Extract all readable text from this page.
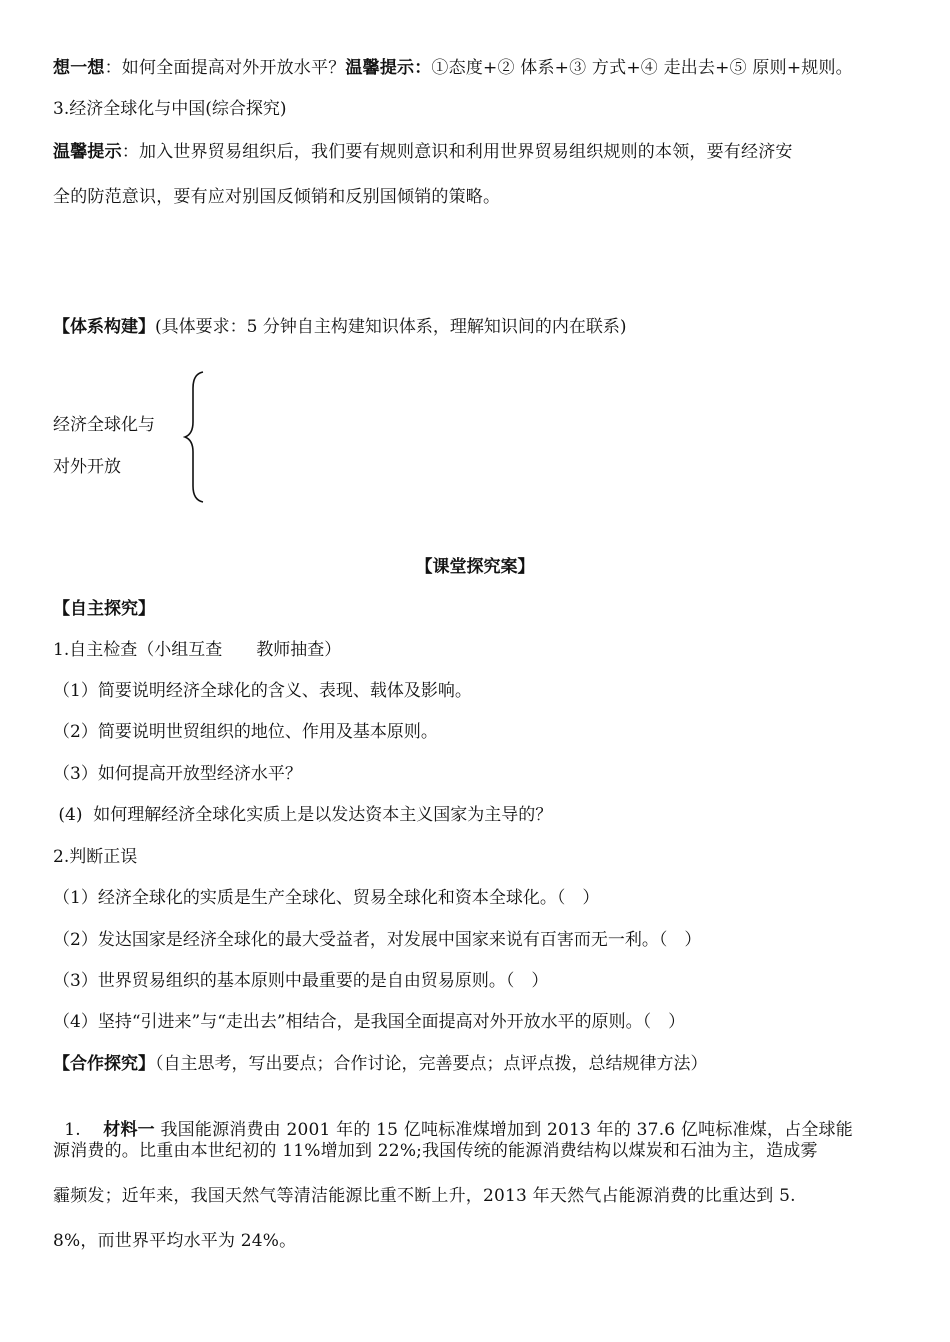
想一想：如何全面提高对外开放水平？温馨提示：①态度+② 体系+③ 方式+④ 走出去+⑤ 原则+规则。
3.经济全球化与中国(综合探究)
温馨提示：加入世界贸易组织后，我们要有规则意识和利用世界贸易组织规则的本领，要有经济安
全的防范意识，要有应对别国反倾销和反别国倾销的策略。
【体系构建】(具体要求：5 分钟自主构建知识体系，理解知识间的内在联系)
经济全球化与
对外开放
【课堂探究案】
【自主探究】
1.自主检查（小组互查　　教师抽查）
（1）简要说明经济全球化的含义、表现、载体及影响。
（2）简要说明世贸组织的地位、作用及基本原则。
（3）如何提高开放型经济水平？
(4)  如何理解经济全球化实质上是以发达资本主义国家为主导的？
2.判断正误
（1）经济全球化的实质是生产全球化、贸易全球化和资本全球化。（　）
（2）发达国家是经济全球化的最大受益者，对发展中国家来说有百害而无一利。（　）
（3）世界贸易组织的基本原则中最重要的是自由贸易原则。（　）
（4）坚持“引进来”与“走出去”相结合，是我国全面提高对外开放水平的原则。（　）
【合作探究】（自主思考，写出要点；合作讨论，完善要点；点评点拨，总结规律方法）

1. 材料一 我国能源消费由 2001 年的 15 亿吨标准煤增加到 2013 年的 37.6 亿吨标准煤，占全球能

源消费的。比重由本世纪初的 11%增加到 22%;我国传统的能源消费结构以煤炭和石油为主，造成雾
霾频发；近年来，我国天然气等清洁能源比重不断上升，2013 年天然气占能源消费的比重达到 5.
8%，而世界平均水平为 24%。
